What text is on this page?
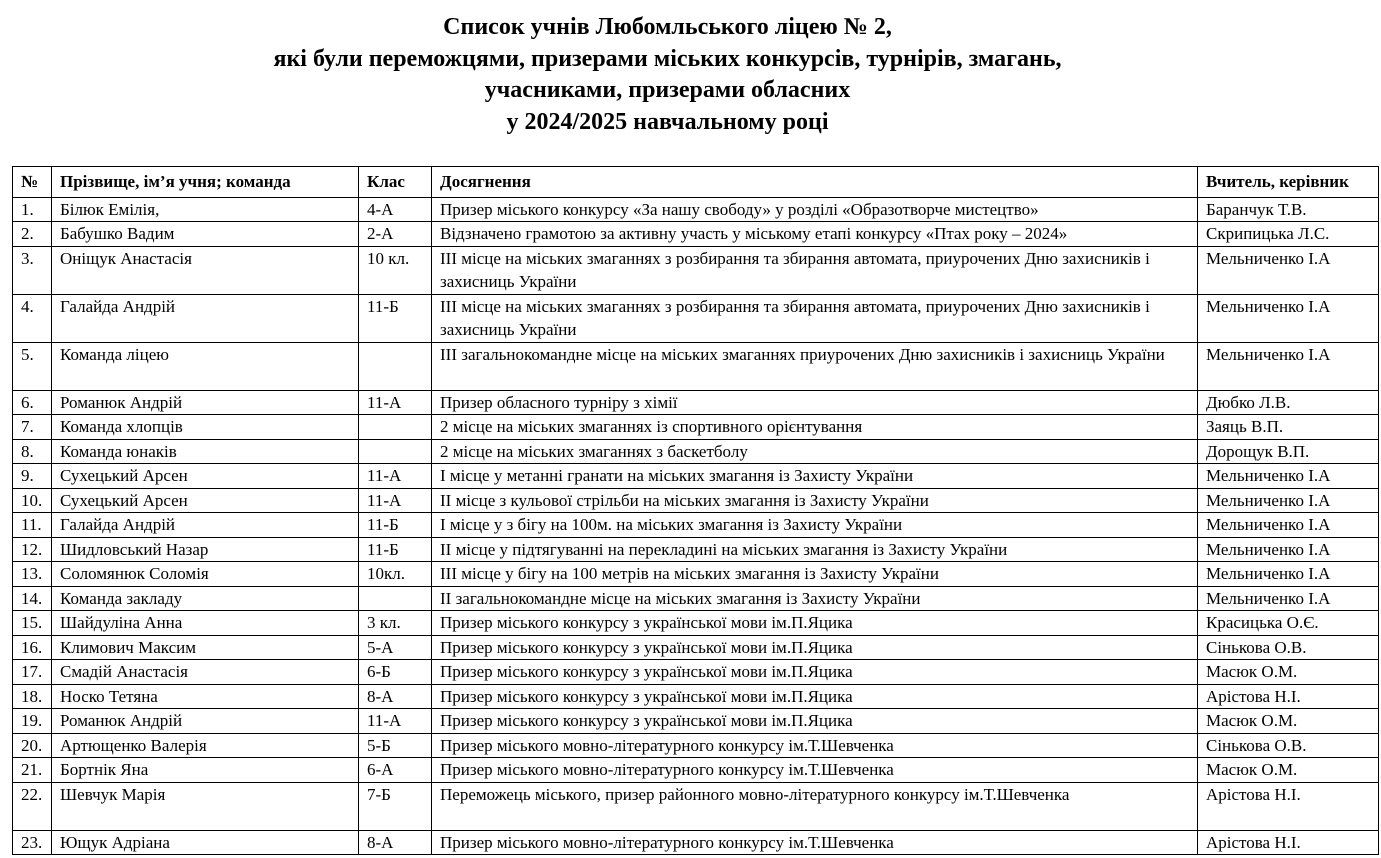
Список учнів Любомльського ліцею № 2,
які були переможцями, призерами міських конкурсів, турнірів, змагань,
учасниками, призерами обласних
у 2024/2025 навчальному році
№	Прізвище, ім’я учня; команда	Клас	Досягнення	Вчитель, керівник
1.	Білюк Емілія,	4-А	Призер міського конкурсу «За нашу свободу» у розділі «Образотворче мистецтво»	Баранчук Т.В.
2.	Бабушко Вадим	2-А	Відзначено грамотою за активну участь у міському етапі конкурсу «Птах року – 2024»	Скрипицька Л.С.
3.	Оніщук Анастасія	10 кл.	ІІІ місце на міських змаганнях з розбирання та збирання автомата, приурочених Дню захисників і захисниць України	Мельниченко І.А
4.	Галайда Андрій	11-Б	ІІІ місце на міських змаганнях з розбирання та збирання автомата, приурочених Дню захисників і захисниць України	Мельниченко І.А
5.	Команда ліцею		ІІІ загальнокомандне місце на міських змаганнях приурочених Дню захисників і захисниць України	Мельниченко І.А
6.	Романюк Андрій	11-А	Призер обласного турніру з хімії	Дюбко Л.В.
7.	Команда хлопців		2 місце на міських змаганнях із спортивного орієнтування	Заяць В.П.
8.	Команда юнаків		2 місце на міських змаганнях з баскетболу	Дорощук В.П.
9.	Сухецький Арсен	11-А	І місце у метанні гранати на міських змагання із Захисту України	Мельниченко І.А
10.	Сухецький Арсен	11-А	ІІ місце з кульової стрільби на міських змагання із Захисту України	Мельниченко І.А
11.	Галайда Андрій	11-Б	І місце у з бігу на 100м. на міських змагання із Захисту України	Мельниченко І.А
12.	Шидловський Назар	11-Б	ІІ місце у підтягуванні на перекладині на міських змагання із Захисту України	Мельниченко І.А
13.	Соломянюк Соломія	10кл.	ІІІ місце у бігу на 100 метрів на міських змагання із Захисту України	Мельниченко І.А
14.	Команда закладу		ІІ загальнокомандне місце на міських змагання із Захисту України	Мельниченко І.А
15.	Шайдуліна Анна	3 кл.	Призер міського конкурсу з української мови ім.П.Яцика	Красицька О.Є.
16.	Климович Максим	5-А	Призер міського конкурсу з української мови ім.П.Яцика	Сінькова О.В.
17.	Смадій Анастасія	6-Б	Призер міського конкурсу з української мови ім.П.Яцика	Масюк О.М.
18.	Носко Тетяна	8-А	Призер міського конкурсу з української мови ім.П.Яцика	Арістова Н.І.
19.	Романюк Андрій	11-А	Призер міського конкурсу з української мови ім.П.Яцика	Масюк О.М.
20.	Артющенко Валерія	5-Б	Призер міського мовно-літературного конкурсу ім.Т.Шевченка	Сінькова О.В.
21.	Бортнік Яна	6-А	Призер міського мовно-літературного конкурсу ім.Т.Шевченка	Масюк О.М.
22.	Шевчук Марія	7-Б	Переможець міського, призер районного мовно-літературного конкурсу ім.Т.Шевченка	Арістова Н.І.
23.	Ющук Адріана	8-А	Призер міського мовно-літературного конкурсу ім.Т.Шевченка	Арістова Н.І.
